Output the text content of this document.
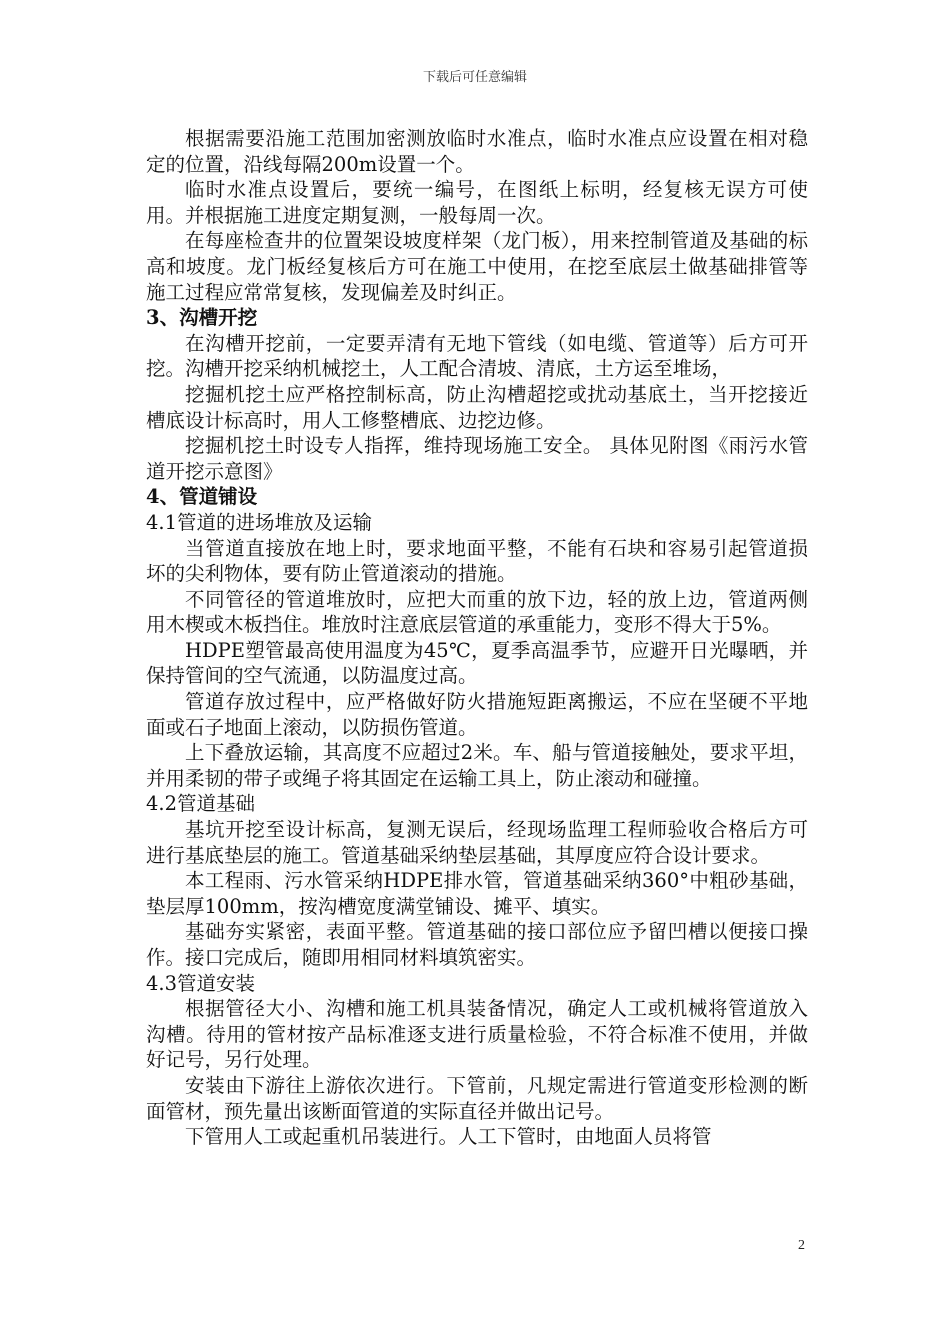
下载后可任意编辑

根据需要沿施工范围加密测放临时水准点，临时水准点应设置在相对稳定的位置，沿线每隔200m设置一个。

临时水准点设置后，要统一编号，在图纸上标明，经复核无误方可使用。并根据施工进度定期复测，一般每周一次。

在每座检查井的位置架设坡度样架（龙门板），用来控制管道及基础的标高和坡度。龙门板经复核后方可在施工中使用，在挖至底层土做基础排管等施工过程应常常复核，发现偏差及时纠正。

3、沟槽开挖

在沟槽开挖前，一定要弄清有无地下管线（如电缆、管道等）后方可开挖。沟槽开挖采纳机械挖土，人工配合清坡、清底，土方运至堆场，

挖掘机挖土应严格控制标高，防止沟槽超挖或扰动基底土，当开挖接近槽底设计标高时，用人工修整槽底、边挖边修。

挖掘机挖土时设专人指挥，维持现场施工安全。 具体见附图《雨污水管道开挖示意图》

4、管道铺设
4.1管道的进场堆放及运输

当管道直接放在地上时，要求地面平整，不能有石块和容易引起管道损坏的尖利物体，要有防止管道滚动的措施。

不同管径的管道堆放时，应把大而重的放下边，轻的放上边，管道两侧用木楔或木板挡住。堆放时注意底层管道的承重能力，变形不得大于5%。

HDPE塑管最高使用温度为45℃，夏季高温季节，应避开日光曝晒，并保持管间的空气流通，以防温度过高。

管道存放过程中，应严格做好防火措施短距离搬运，不应在坚硬不平地面或石子地面上滚动，以防损伤管道。

上下叠放运输，其高度不应超过2米。车、船与管道接触处，要求平坦，并用柔韧的带子或绳子将其固定在运输工具上，防止滚动和碰撞。

4.2管道基础

基坑开挖至设计标高，复测无误后，经现场监理工程师验收合格后方可进行基底垫层的施工。管道基础采纳垫层基础，其厚度应符合设计要求。

本工程雨、污水管采纳HDPE排水管，管道基础采纳360°中粗砂基础，垫层厚100mm，按沟槽宽度满堂铺设、摊平、填实。

基础夯实紧密，表面平整。管道基础的接口部位应予留凹槽以便接口操作。接口完成后，随即用相同材料填筑密实。

4.3管道安装

根据管径大小、沟槽和施工机具装备情况，确定人工或机械将管道放入沟槽。待用的管材按产品标准逐支进行质量检验，不符合标准不使用，并做好记号，另行处理。

安装由下游往上游依次进行。下管前，凡规定需进行管道变形检测的断面管材，预先量出该断面管道的实际直径并做出记号。

下管用人工或起重机吊装进行。人工下管时，由地面人员将管

2
